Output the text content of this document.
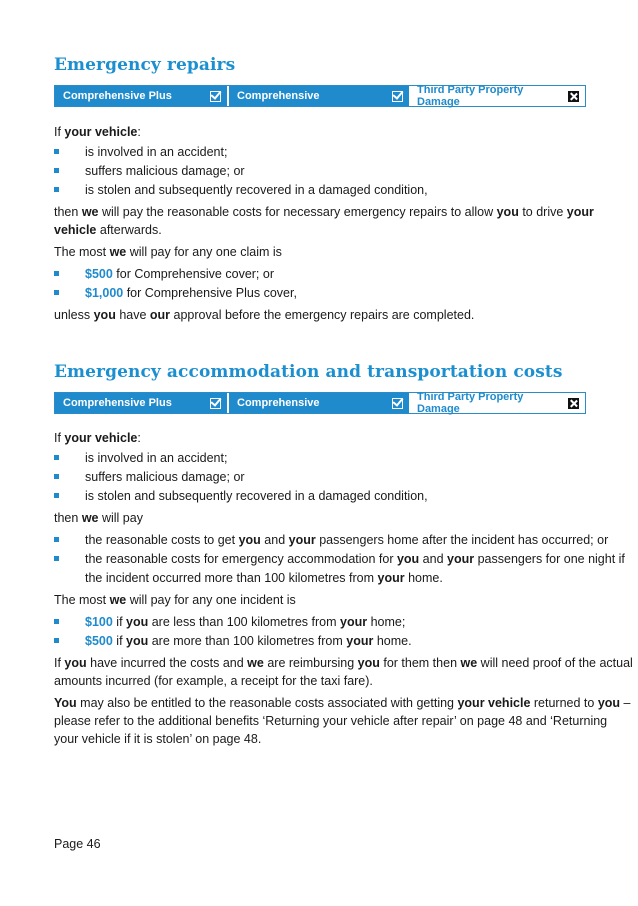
Emergency repairs
Comprehensive Plus	Comprehensive	Third Party Property Damage

If your vehicle:

is involved in an accident;
suffers malicious damage; or
is stolen and subsequently recovered in a damaged condition,

then we will pay the reasonable costs for necessary emergency repairs to allow you to drive your

vehicle afterwards.

The most we will pay for any one claim is

$500 for Comprehensive cover; or
$1,000 for Comprehensive Plus cover,

unless you have our approval before the emergency repairs are completed.

Emergency accommodation and transportation costs
Comprehensive Plus	Comprehensive	Third Party Property Damage

If your vehicle:

is involved in an accident;
suffers malicious damage; or
is stolen and subsequently recovered in a damaged condition,

then we will pay

the reasonable costs to get you and your passengers home after the incident has occurred; or
the reasonable costs for emergency accommodation for you and your passengers for one night if
the incident occurred more than 100 kilometres from your home.

The most we will pay for any one incident is

$100 if you are less than 100 kilometres from your home;
$500 if you are more than 100 kilometres from your home.

If you have incurred the costs and we are reimbursing you for them then we will need proof of the actual

amounts incurred (for example, a receipt for the taxi fare).

You may also be entitled to the reasonable costs associated with getting your vehicle returned to you –

please refer to the additional benefits ‘Returning your vehicle after repair’ on page 48 and ‘Returning

your vehicle if it is stolen’ on page 48.

Page 46
